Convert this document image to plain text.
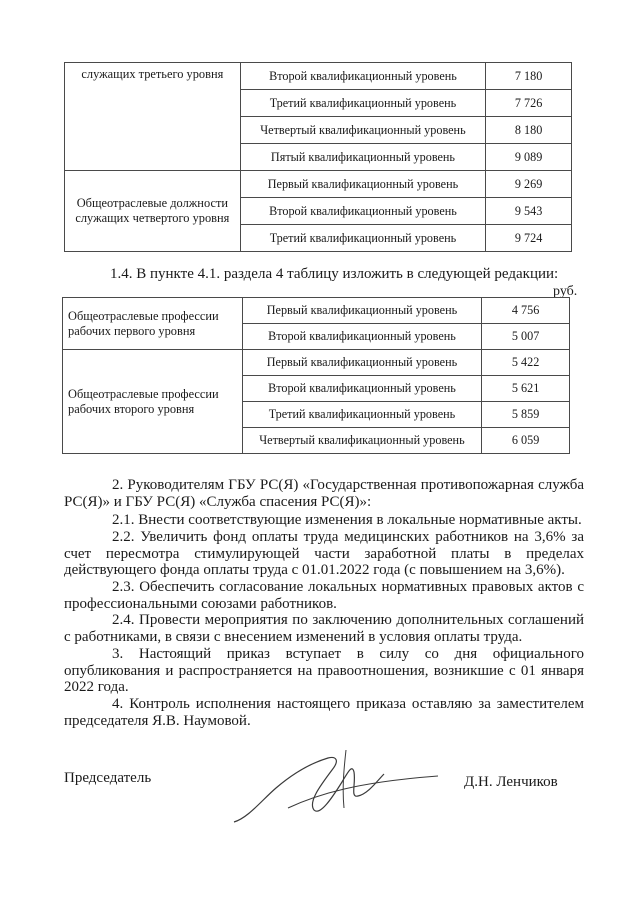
служащих третьего уровня	Второй квалификационный уровень	7 180
	Третий квалификационный уровень	7 726
	Четвертый квалификационный уровень	8 180
	Пятый квалификационный уровень	9 089
Общеотраслевые должности служащих четвертого уровня	Первый квалификационный уровень	9 269
	Второй квалификационный уровень	9 543
	Третий квалификационный уровень	9 724
1.4. В пункте 4.1. раздела 4 таблицу изложить в следующей редакции:
руб.
Общеотраслевые профессии рабочих первого уровня	Первый квалификационный уровень	4 756
	Второй квалификационный уровень	5 007
Общеотраслевые профессии рабочих второго уровня	Первый квалификационный уровень	5 422
	Второй квалификационный уровень	5 621
	Третий квалификационный уровень	5 859
	Четвертый квалификационный уровень	6 059
2. Руководителям ГБУ РС(Я) «Государственная противопожарная служба РС(Я)» и ГБУ РС(Я) «Служба спасения РС(Я)»:
2.1. Внести соответствующие изменения в локальные нормативные акты.
2.2. Увеличить фонд оплаты труда медицинских работников на 3,6% за счет пересмотра стимулирующей части заработной платы в пределах действующего фонда оплаты труда с 01.01.2022 года (с повышением на 3,6%).
2.3. Обеспечить согласование локальных нормативных правовых актов с профессиональными союзами работников.
2.4. Провести мероприятия по заключению дополнительных соглашений с работниками, в связи с внесением изменений в условия оплаты труда.
3. Настоящий приказ вступает в силу со дня официального опубликования и распространяется на правоотношения, возникшие с 01 января 2022 года.
4. Контроль исполнения настоящего приказа оставляю за заместителем председателя Я.В. Наумовой.
Председатель	Д.Н. Ленчиков
